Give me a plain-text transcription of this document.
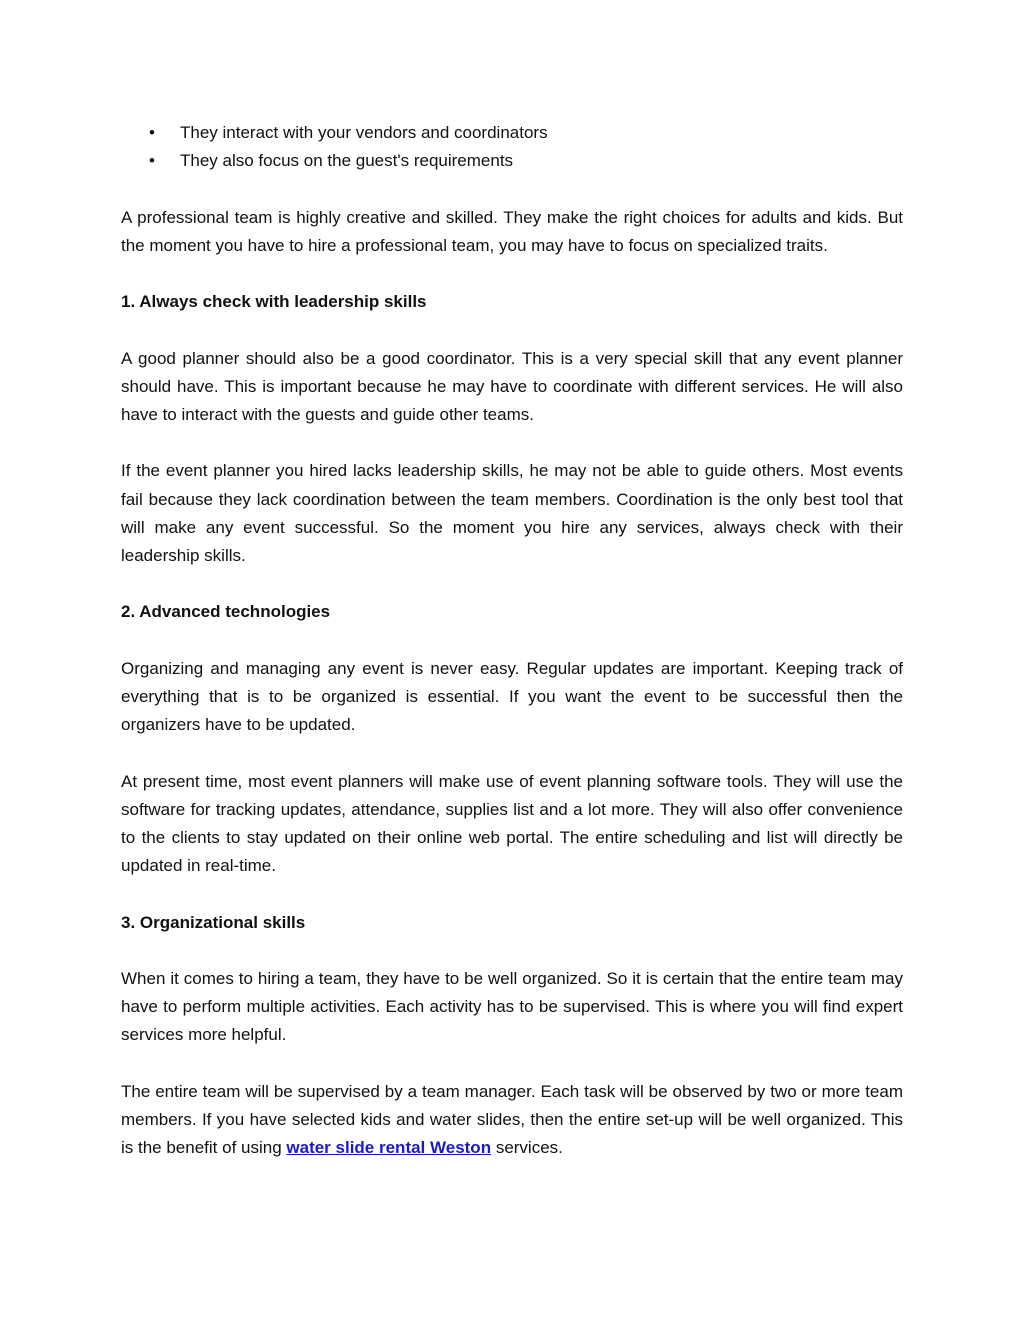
• They interact with your vendors and coordinators
• They also focus on the guest's requirements

A professional team is highly creative and skilled. They make the right choices for adults and kids. But the moment you have to hire a professional team, you may have to focus on specialized traits.

1. Always check with leadership skills

A good planner should also be a good coordinator. This is a very special skill that any event planner should have. This is important because he may have to coordinate with different services. He will also have to interact with the guests and guide other teams.

If the event planner you hired lacks leadership skills, he may not be able to guide others. Most events fail because they lack coordination between the team members. Coordination is the only best tool that will make any event successful. So the moment you hire any services, always check with their leadership skills.

2. Advanced technologies

Organizing and managing any event is never easy. Regular updates are important. Keeping track of everything that is to be organized is essential. If you want the event to be successful then the organizers have to be updated.

At present time, most event planners will make use of event planning software tools. They will use the software for tracking updates, attendance, supplies list and a lot more. They will also offer convenience to the clients to stay updated on their online web portal. The entire scheduling and list will directly be updated in real-time.

3. Organizational skills

When it comes to hiring a team, they have to be well organized. So it is certain that the entire team may have to perform multiple activities. Each activity has to be supervised. This is where you will find expert services more helpful.

The entire team will be supervised by a team manager. Each task will be observed by two or more team members. If you have selected kids and water slides, then the entire set-up will be well organized. This is the benefit of using water slide rental Weston services.
